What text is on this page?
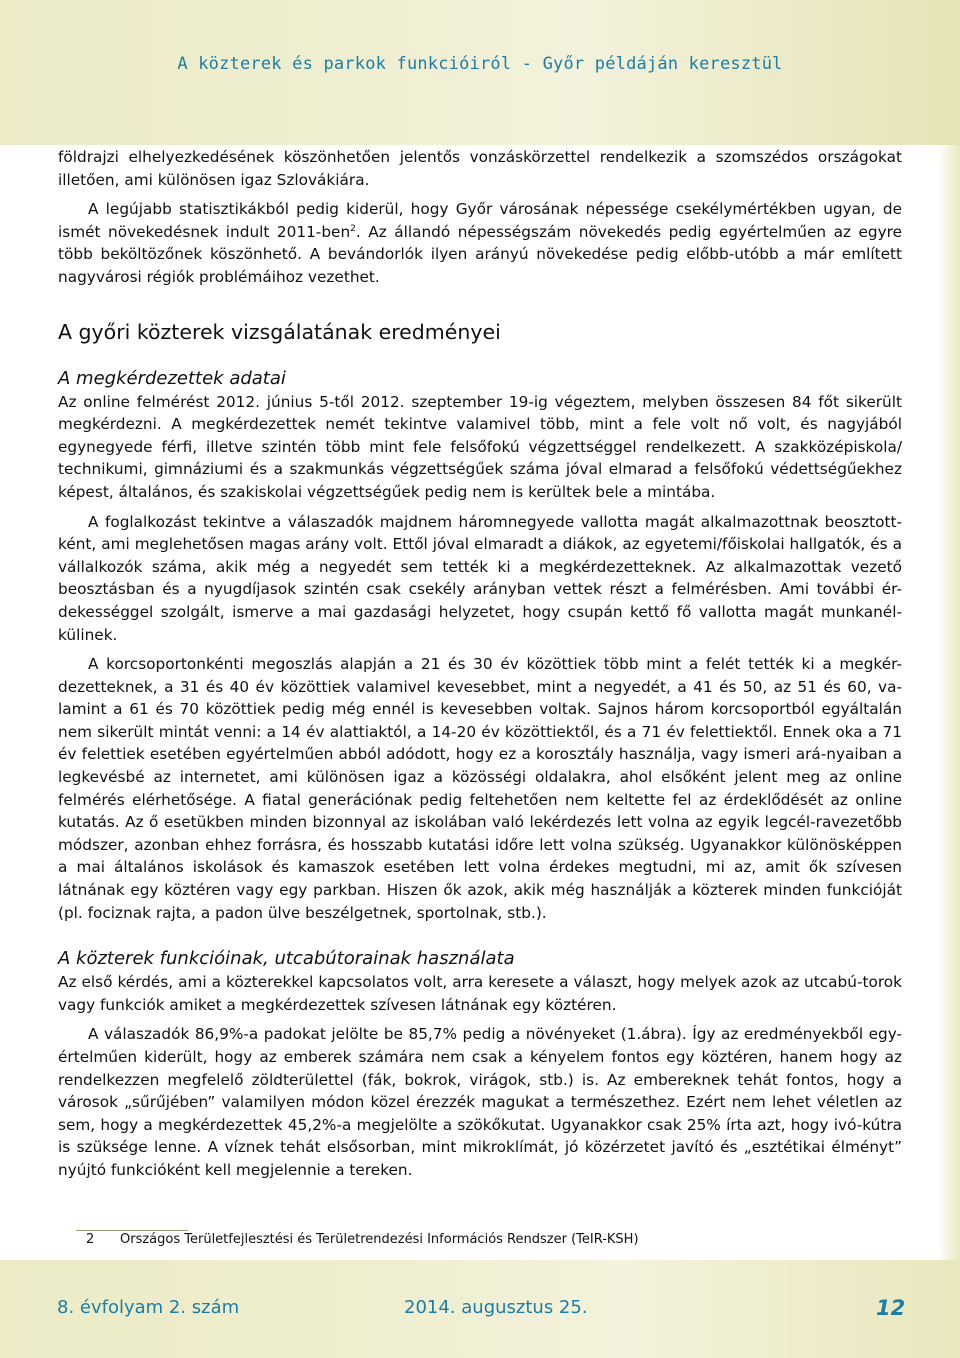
A közterek és parkok funkcióiról - Győr példáján keresztül

földrajzi elhelyezkedésének köszönhetően jelentős vonzáskörzettel rendelkezik a szomszédos országokat illetően, ami különösen igaz Szlovákiára.

A legújabb statisztikákból pedig kiderül, hogy Győr városának népessége csekélymértékben ugyan, de ismét növekedésnek indult 2011-ben$^2$. Az állandó népességszám növekedés pedig egyértelműen az egyre több beköltözőnek köszönhető. A bevándorlók ilyen arányú növekedése pedig előbb-utóbb a már említett nagyvárosi régiók problémáihoz vezethet.

A győri közterek vizsgálatának eredményei
A megkérdezettek adatai

Az online felmérést 2012. június 5-től 2012. szeptember 19-ig végeztem, melyben összesen 84 főt sikerült megkérdezni. A megkérdezettek nemét tekintve valamivel több, mint a fele volt nő volt, és nagyjából egynegyede férfi, illetve szintén több mint fele felsőfokú végzettséggel rendelkezett. A szakközépiskola/ technikumi, gimnáziumi és a szakmunkás végzettségűek száma jóval elmarad a felsőfokú védettségűekhez képest, általános, és szakiskolai végzettségűek pedig nem is kerültek bele a mintába.

A foglalkozást tekintve a válaszadók majdnem háromnegyede vallotta magát alkalmazottnak beosztott-ként, ami meglehetősen magas arány volt. Ettől jóval elmaradt a diákok, az egyetemi/főiskolai hallgatók, és a vállalkozók száma, akik még a negyedét sem tették ki a megkérdezetteknek. Az alkalmazottak vezető beosztásban és a nyugdíjasok szintén csak csekély arányban vettek részt a felmérésben. Ami további ér-dekességgel szolgált, ismerve a mai gazdasági helyzetet, hogy csupán kettő fő vallotta magát munkanél-külinek.

A korcsoportonkénti megoszlás alapján a 21 és 30 év közöttiek több mint a felét tették ki a megkér-dezetteknek, a 31 és 40 év közöttiek valamivel kevesebbet, mint a negyedét, a 41 és 50, az 51 és 60, va-lamint a 61 és 70 közöttiek pedig még ennél is kevesebben voltak. Sajnos három korcsoportból egyáltalán nem sikerült mintát venni: a 14 év alattiaktól, a 14-20 év közöttiektől, és a 71 év felettiektől. Ennek oka a 71 év felettiek esetében egyértelműen abból adódott, hogy ez a korosztály használja, vagy ismeri ará-nyaiban a legkevésbé az internetet, ami különösen igaz a közösségi oldalakra, ahol elsőként jelent meg az online felmérés elérhetősége. A fiatal generációnak pedig feltehetően nem keltette fel az érdeklődését az online kutatás. Az ő esetükben minden bizonnyal az iskolában való lekérdezés lett volna az egyik legcél-ravezetőbb módszer, azonban ehhez forrásra, és hosszabb kutatási időre lett volna szükség. Ugyanakkor különösképpen a mai általános iskolások és kamaszok esetében lett volna érdekes megtudni, mi az, amit ők szívesen látnának egy köztéren vagy egy parkban. Hiszen ők azok, akik még használják a közterek minden funkcióját (pl. fociznak rajta, a padon ülve beszélgetnek, sportolnak, stb.).

A közterek funkcióinak, utcabútorainak használata

Az első kérdés, ami a közterekkel kapcsolatos volt, arra keresete a választ, hogy melyek azok az utcabú-torok vagy funkciók amiket a megkérdezettek szívesen látnának egy köztéren.

A válaszadók 86,9%-a padokat jelölte be 85,7% pedig a növényeket (1.ábra). Így az eredményekből egy-értelműen kiderült, hogy az emberek számára nem csak a kényelem fontos egy köztéren, hanem hogy az rendelkezzen megfelelő zöldterülettel (fák, bokrok, virágok, stb.) is. Az embereknek tehát fontos, hogy a városok „sűrűjében” valamilyen módon közel érezzék magukat a természethez. Ezért nem lehet véletlen az sem, hogy a megkérdezettek 45,2%-a megjelölte a szökőkutat. Ugyanakkor csak 25% írta azt, hogy ivó-kútra is szüksége lenne. A víznek tehát elsősorban, mint mikroklímát, jó közérzetet javító és „esztétikai élményt” nyújtó funkcióként kell megjelennie a tereken.

2 Országos Területfejlesztési és Területrendezési Információs Rendszer (TeIR-KSH)
8. évfolyam 2. szám	2014. augusztus 25.	12
